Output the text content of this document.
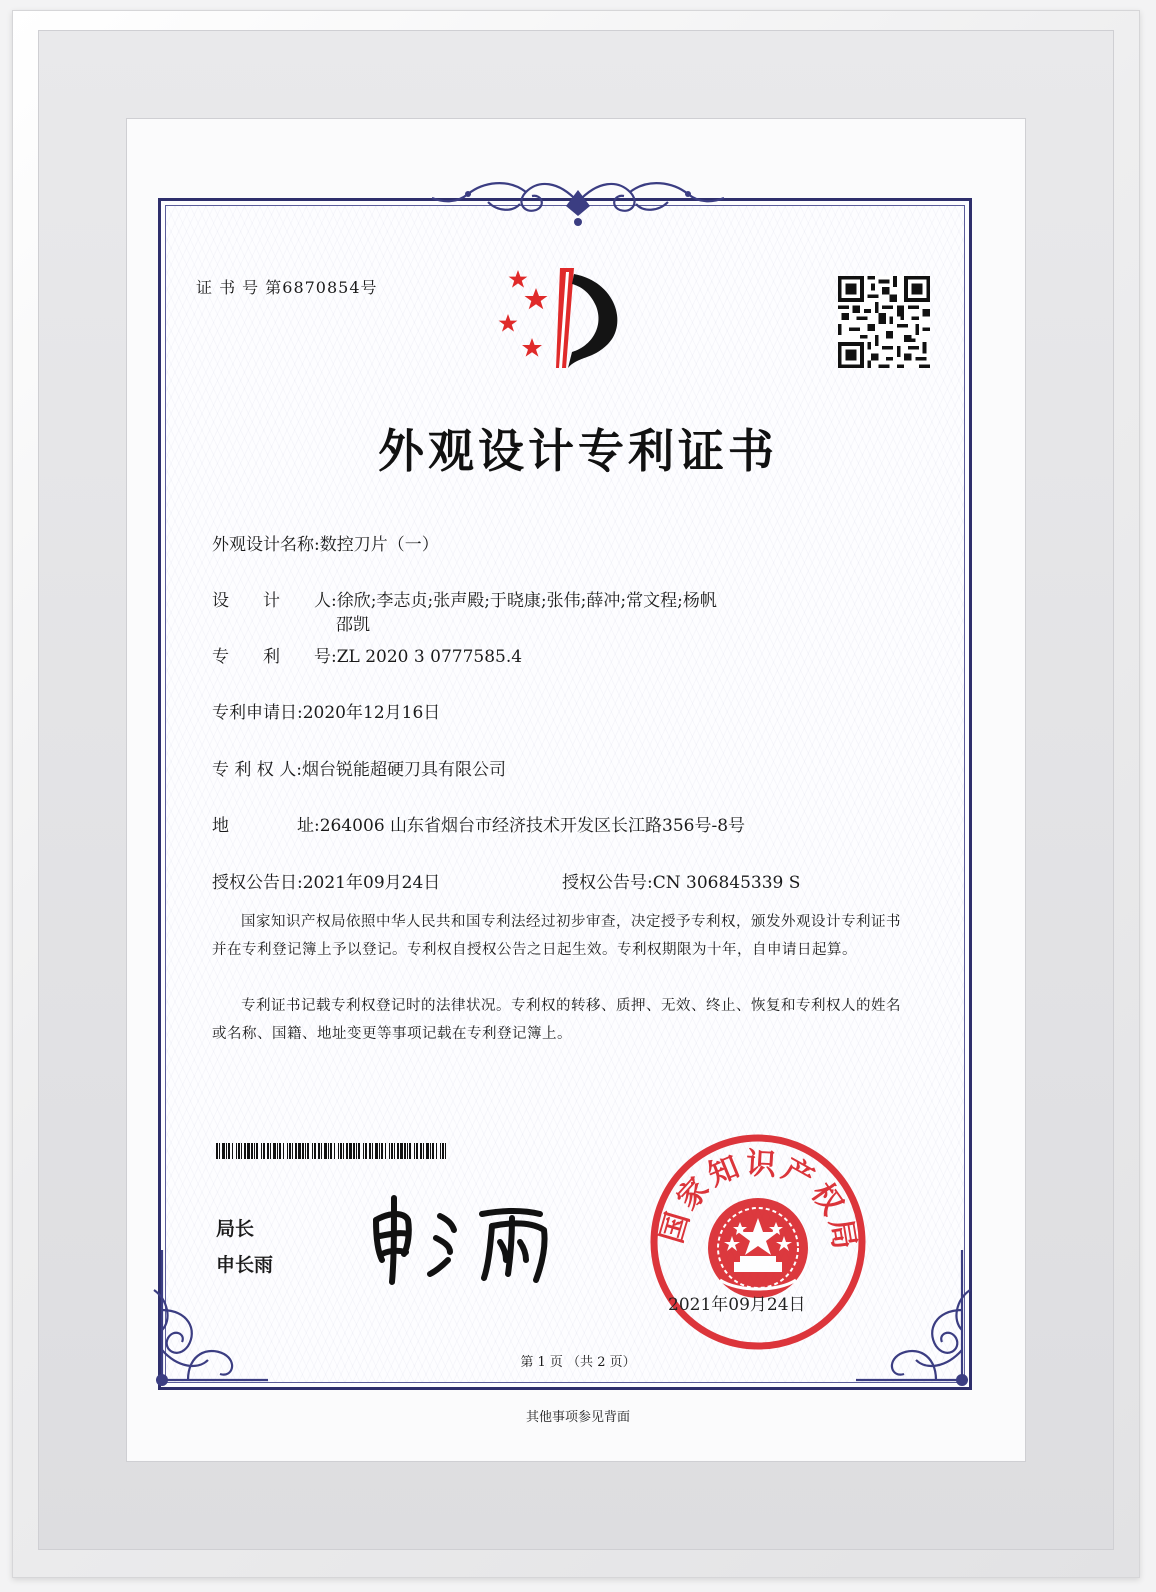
证 书 号 第6870854号
外观设计专利证书
外观设计名称:数控刀片（一）
设　　计　　人:徐欣;李志贞;张声殿;于晓康;张伟;薛冲;常文程;杨帆
邵凯
专　　利　　号:ZL 2020 3 0777585.4
专利申请日:2020年12月16日
专 利 权 人:烟台锐能超硬刀具有限公司
地　　　　址:264006 山东省烟台市经济技术开发区长江路356号-8号
授权公告日:2021年09月24日	授权公告号:CN 306845339 S
国家知识产权局依照中华人民共和国专利法经过初步审查，决定授予专利权，颁发外观设计专利证书并在专利登记簿上予以登记。专利权自授权公告之日起生效。专利权期限为十年，自申请日起算。
专利证书记载专利权登记时的法律状况。专利权的转移、质押、无效、终止、恢复和专利权人的姓名或名称、国籍、地址变更等事项记载在专利登记簿上。
局长
申长雨
国家知识产权局
2021年09月24日
第 1 页 （共 2 页）
其他事项参见背面
